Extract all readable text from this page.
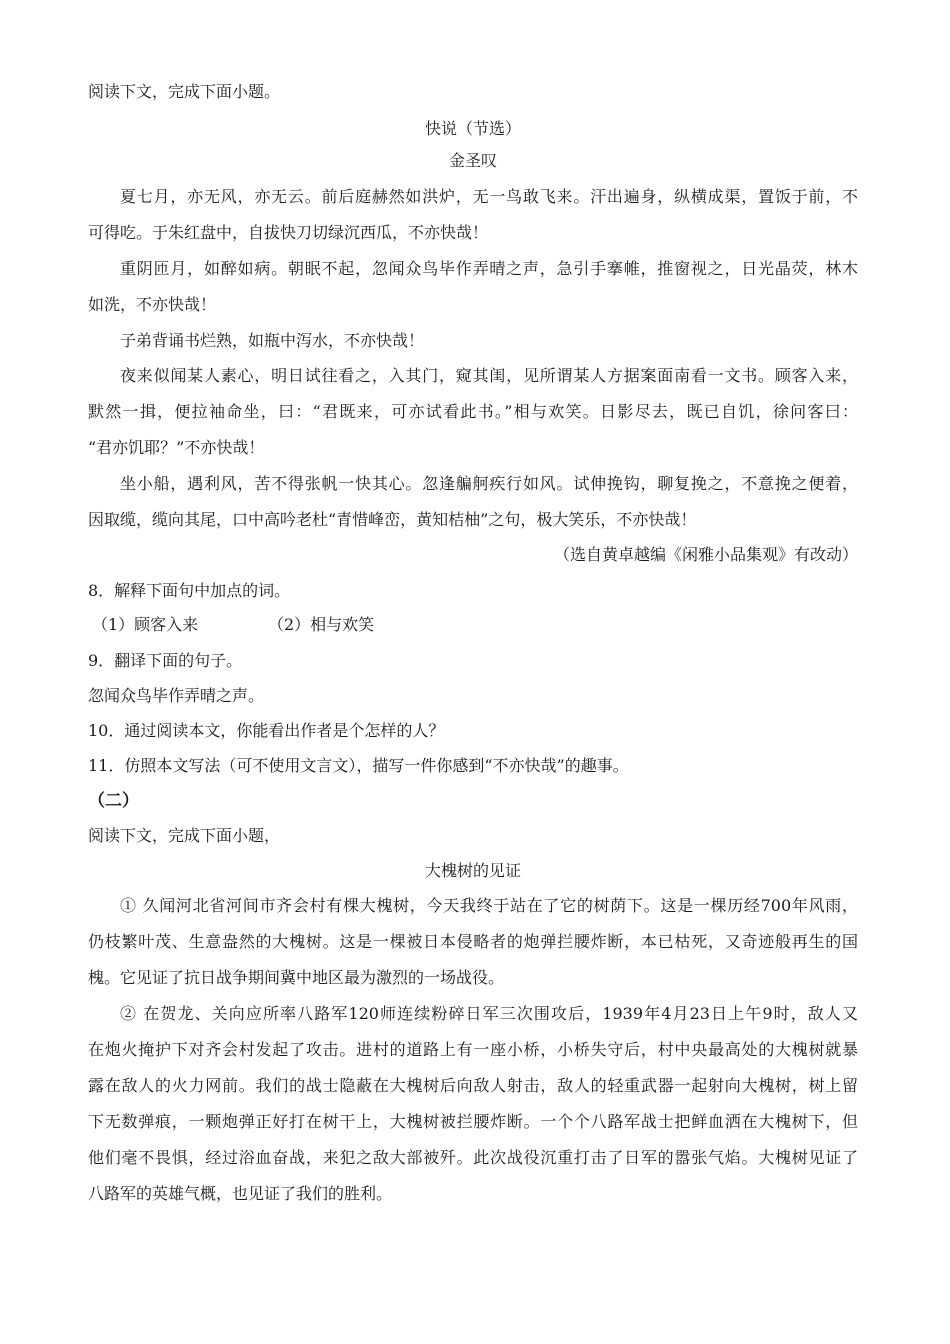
阅读下文，完成下面小题。
快说（节选）
金圣叹
夏七月，亦无风，亦无云。前后庭赫然如洪炉，无一鸟敢飞来。汗出遍身，纵横成渠，置饭于前，不
可得吃。于朱红盘中，自拔快刀切绿沉西瓜，不亦快哉！
重阴匝月，如醉如病。朝眠不起，忽闻众鸟毕作弄晴之声，急引手搴帷，推窗视之，日光晶荧，林木
如洗，不亦快哉！
子弟背诵书烂熟，如瓶中泻水，不亦快哉！
夜来似闻某人素心，明日试往看之，入其门，窥其闺，见所谓某人方据案面南看一文书。顾客入来，
默然一揖，便拉袖命坐，曰：“君既来，可亦试看此书。”相与欢笑。日影尽去，既已自饥，徐问客曰：
“君亦饥耶？”不亦快哉！
坐小船，遇利风，苦不得张帆一快其心。忽逢艑舸疾行如风。试伸挽钩，聊复挽之，不意挽之便着，
因取缆，缆向其尾，口中高吟老杜“青惜峰峦，黄知桔柚”之句，极大笑乐，不亦快哉！
（选自黄卓越编《闲雅小品集观》有改动）
8．解释下面句中加点的词。
（1）顾客入来	（2）相与欢笑
9．翻译下面的句子。
忽闻众鸟毕作弄晴之声。
10．通过阅读本文，你能看出作者是个怎样的人？
11．仿照本文写法（可不使用文言文），描写一件你感到“不亦快哉”的趣事。
（二）
阅读下文，完成下面小题，
大槐树的见证
① 久闻河北省河间市齐会村有棵大槐树，今天我终于站在了它的树荫下。这是一棵历经700年风雨，
仍枝繁叶茂、生意盎然的大槐树。这是一棵被日本侵略者的炮弹拦腰炸断，本已枯死，又奇迹般再生的国
槐。它见证了抗日战争期间冀中地区最为激烈的一场战役。
② 在贺龙、关向应所率八路军120师连续粉碎日军三次围攻后，1939年4月23日上午9时，敌人又
在炮火掩护下对齐会村发起了攻击。进村的道路上有一座小桥，小桥失守后，村中央最高处的大槐树就暴
露在敌人的火力网前。我们的战士隐蔽在大槐树后向敌人射击，敌人的轻重武器一起射向大槐树，树上留
下无数弹痕，一颗炮弹正好打在树干上，大槐树被拦腰炸断。一个个八路军战士把鲜血洒在大槐树下，但
他们毫不畏惧，经过浴血奋战，来犯之敌大部被歼。此次战役沉重打击了日军的嚣张气焰。大槐树见证了
八路军的英雄气概，也见证了我们的胜利。
